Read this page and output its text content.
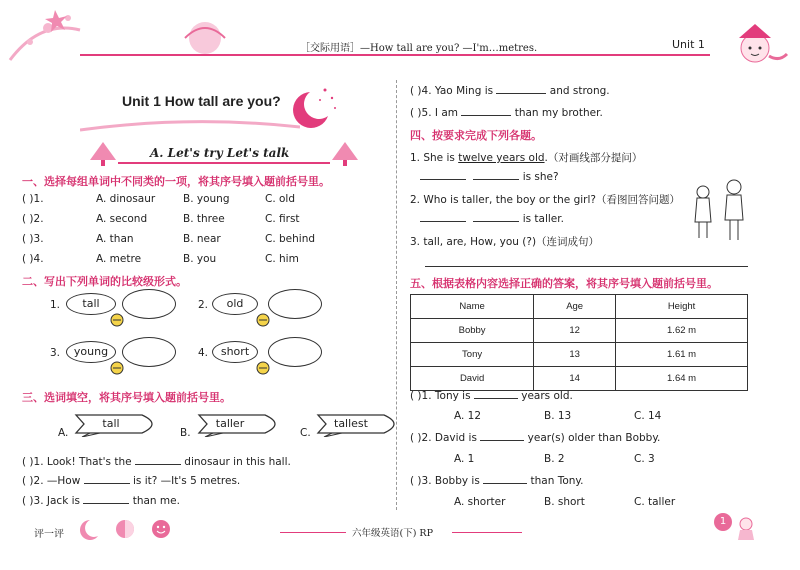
［交际用语］—How tall are you? —I'm…metres.	Unit 1
Unit 1 How tall are you?
A. Let's try Let's talk
一、选择每组单词中不同类的一项，将其序号填入题前括号里。
( )1.	A. dinosaur	B. young	C. old
( )2.	A. second	B. three	C. first
( )3.	A. than	B. near	C. behind
( )4.	A. metre	B. you	C. him
二、写出下列单词的比较级形式。
1.	tall	2.	old
3.	young	4.	short
三、选词填空，将其序号填入题前括号里。
A.
tall
B.
taller
C.
tallest
( )1. Look! That's the	dinosaur in this hall.
( )2. —How	is it? —It's 5 metres.
( )3. Jack is	than me.
( )4. Yao Ming is	and strong.
( )5. I am	than my brother.
四、按要求完成下列各题。
1. She is twelve years old.（对画线部分提问）
is she?
2. Who is taller, the boy or the girl?（看图回答问题）
is taller.
3. tall, are, How, you (?)（连词成句）
五、根据表格内容选择正确的答案，将其序号填入题前括号里。
Name	Age	Height
Bobby	12	1.62 m
Tony	13	1.61 m
David	14	1.64 m
( )1. Tony is	years old.
A. 12	B. 13	C. 14
( )2. David is	year(s) older than Bobby.
A. 1	B. 2	C. 3
( )3. Bobby is	than Tony.
A. shorter	B. short	C. taller
评一评	六年级英语(下) RP
1
